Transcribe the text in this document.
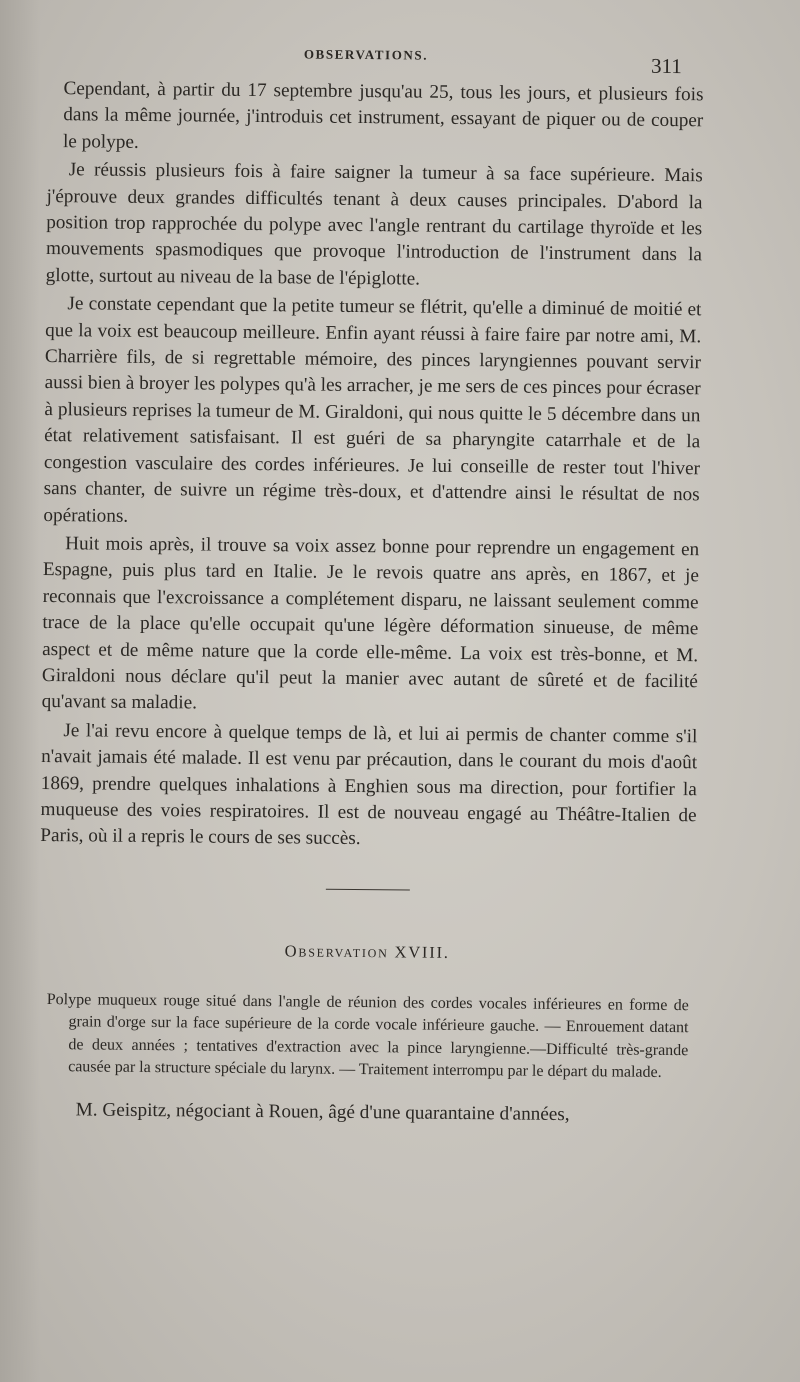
OBSERVATIONS.	311

Cependant, à partir du 17 septembre jusqu'au 25, tous les jours, et plusieurs fois dans la même journée, j'introduis cet instrument, essayant de piquer ou de couper le polype.

Je réussis plusieurs fois à faire saigner la tumeur à sa face supérieure. Mais j'éprouve deux grandes difficultés tenant à deux causes principales. D'abord la position trop rapprochée du polype avec l'angle rentrant du cartilage thyroïde et les mouvements spasmodiques que provoque l'introduction de l'instrument dans la glotte, surtout au niveau de la base de l'épiglotte.

Je constate cependant que la petite tumeur se flétrit, qu'elle a diminué de moitié et que la voix est beaucoup meilleure. Enfin ayant réussi à faire faire par notre ami, M. Charrière fils, de si regrettable mémoire, des pinces laryngiennes pouvant servir aussi bien à broyer les polypes qu'à les arracher, je me sers de ces pinces pour écraser à plusieurs reprises la tumeur de M. Giraldoni, qui nous quitte le 5 décembre dans un état relativement satisfaisant. Il est guéri de sa pharyngite catarrhale et de la congestion vasculaire des cordes inférieures. Je lui conseille de rester tout l'hiver sans chanter, de suivre un régime très-doux, et d'attendre ainsi le résultat de nos opérations.

Huit mois après, il trouve sa voix assez bonne pour reprendre un engagement en Espagne, puis plus tard en Italie. Je le revois quatre ans après, en 1867, et je reconnais que l'excroissance a complétement disparu, ne laissant seulement comme trace de la place qu'elle occupait qu'une légère déformation sinueuse, de même aspect et de même nature que la corde elle-même. La voix est très-bonne, et M. Giraldoni nous déclare qu'il peut la manier avec autant de sûreté et de facilité qu'avant sa maladie.

Je l'ai revu encore à quelque temps de là, et lui ai permis de chanter comme s'il n'avait jamais été malade. Il est venu par précaution, dans le courant du mois d'août 1869, prendre quelques inhalations à Enghien sous ma direction, pour fortifier la muqueuse des voies respiratoires. Il est de nouveau engagé au Théâtre-Italien de Paris, où il a repris le cours de ses succès.

Observation XVIII.

Polype muqueux rouge situé dans l'angle de réunion des cordes vocales inférieures en forme de grain d'orge sur la face supérieure de la corde vocale inférieure gauche. — Enrouement datant de deux années ; tentatives d'extraction avec la pince laryngienne.—Difficulté très-grande causée par la structure spéciale du larynx. — Traitement interrompu par le départ du malade.

M. Geispitz, négociant à Rouen, âgé d'une quarantaine d'années,
